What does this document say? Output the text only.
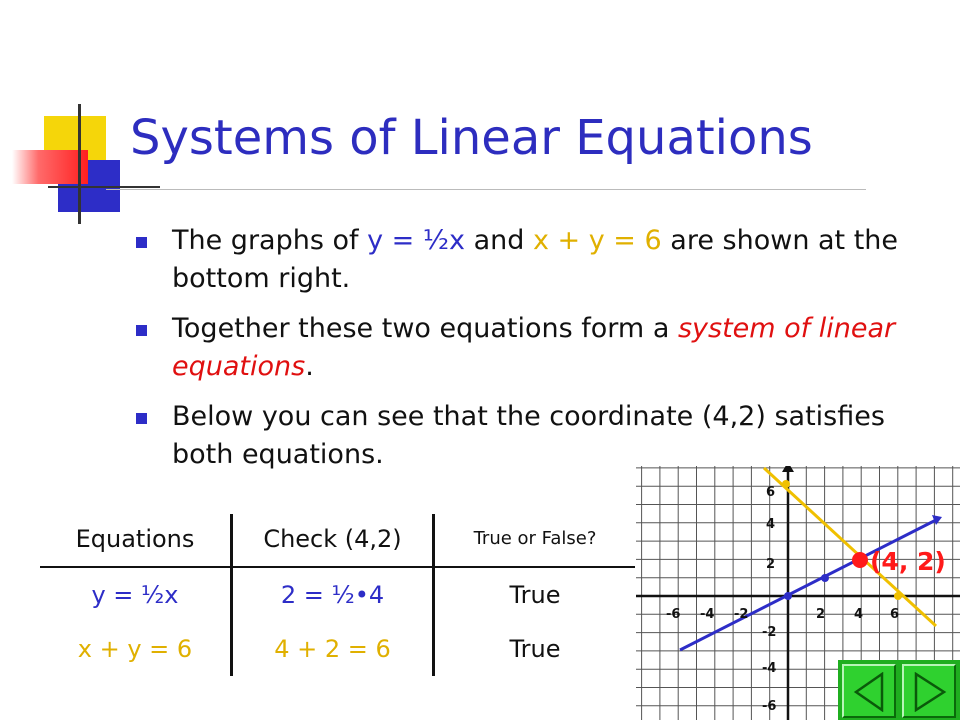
Systems of Linear Equations
The graphs of y = ½x and x + y = 6 are shown at the bottom right.
Together these two equations form a system of linear equations.
Below you can see that the coordinate (4,2) satisfies both equations.
Equations	Check (4,2)	True or False?
y = ½x	2 = ½•4	True
x + y = 6	4 + 2 = 6	True
6
4
2
-2
-4
-6
-6 -4 -2	2 4 6
(4, 2)
